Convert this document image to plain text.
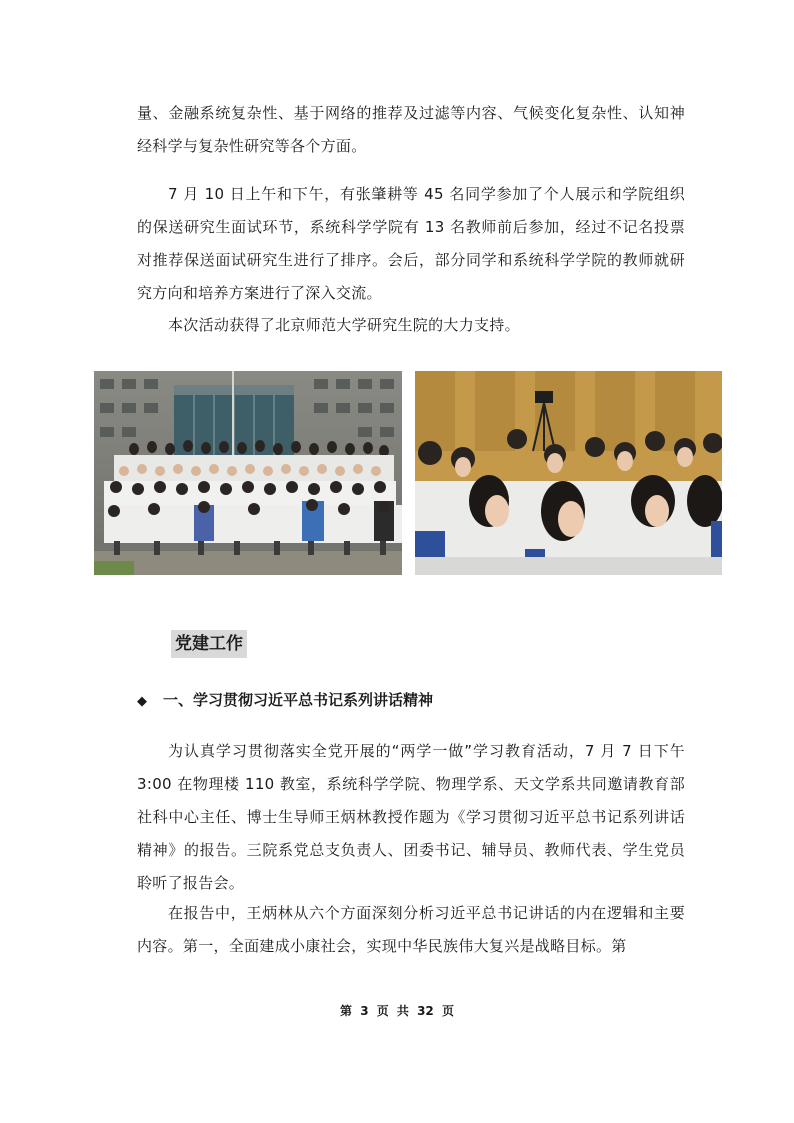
量、金融系统复杂性、基于网络的推荐及过滤等内容、气候变化复杂性、认知神经科学与复杂性研究等各个方面。

7 月 10 日上午和下午，有张肇耕等 45 名同学参加了个人展示和学院组织的保送研究生面试环节，系统科学学院有 13 名教师前后参加，经过不记名投票对推荐保送面试研究生进行了排序。会后，部分同学和系统科学学院的教师就研究方向和培养方案进行了深入交流。

本次活动获得了北京师范大学研究生院的大力支持。

党建工作
◆ 一、学习贯彻习近平总书记系列讲话精神

为认真学习贯彻落实全党开展的“两学一做”学习教育活动，7 月 7 日下午 3:00 在物理楼 110 教室，系统科学学院、物理学系、天文学系共同邀请教育部社科中心主任、博士生导师王炳林教授作题为《学习贯彻习近平总书记系列讲话精神》的报告。三院系党总支负责人、团委书记、辅导员、教师代表、学生党员聆听了报告会。

在报告中，王炳林从六个方面深刻分析习近平总书记讲话的内在逻辑和主要内容。第一，全面建成小康社会，实现中华民族伟大复兴是战略目标。第

第 3 页 共 32 页
